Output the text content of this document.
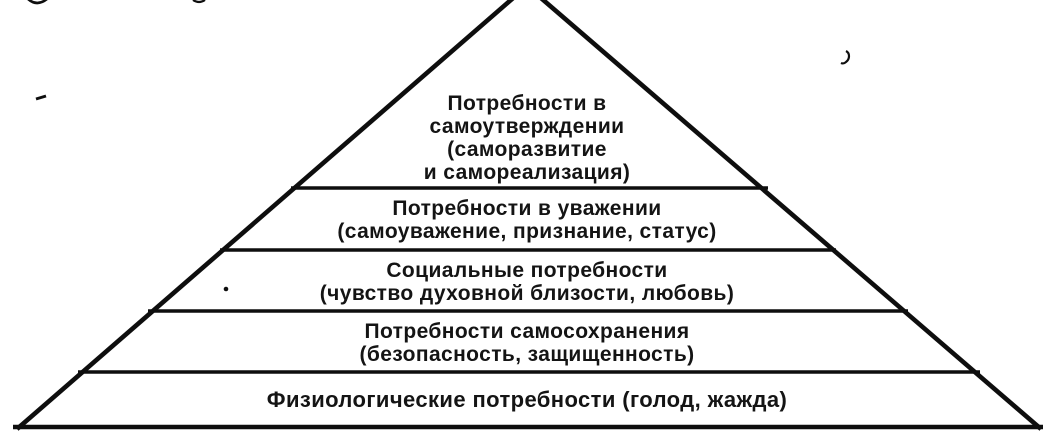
Потребности в
самоутверждении
(саморазвитие
и самореализация)
Потребности в уважении
(самоуважение, признание, статус)
Социальные потребности
(чувство духовной близости, любовь)
Потребности самосохранения
(безопасность, защищенность)
Физиологические потребности (голод, жажда)
